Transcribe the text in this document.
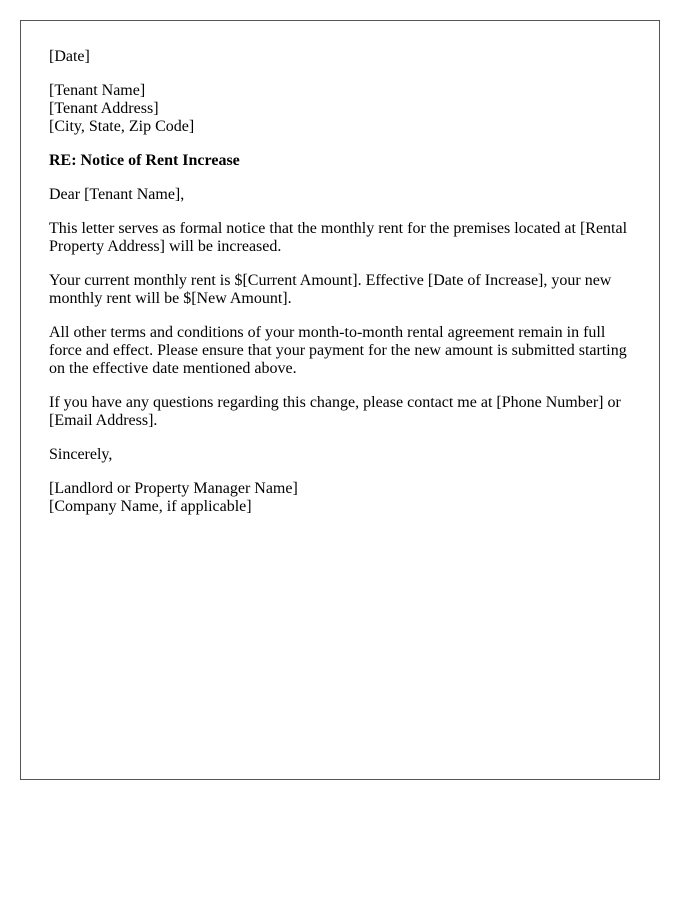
[Date]
[Tenant Name]
[Tenant Address]
[City, State, Zip Code]
RE: Notice of Rent Increase
Dear [Tenant Name],
This letter serves as formal notice that the monthly rent for the premises located at [Rental Property Address] will be increased.
Your current monthly rent is $[Current Amount]. Effective [Date of Increase], your new monthly rent will be $[New Amount].
All other terms and conditions of your month-to-month rental agreement remain in full force and effect. Please ensure that your payment for the new amount is submitted starting on the effective date mentioned above.
If you have any questions regarding this change, please contact me at [Phone Number] or [Email Address].
Sincerely,
[Landlord or Property Manager Name]
[Company Name, if applicable]
